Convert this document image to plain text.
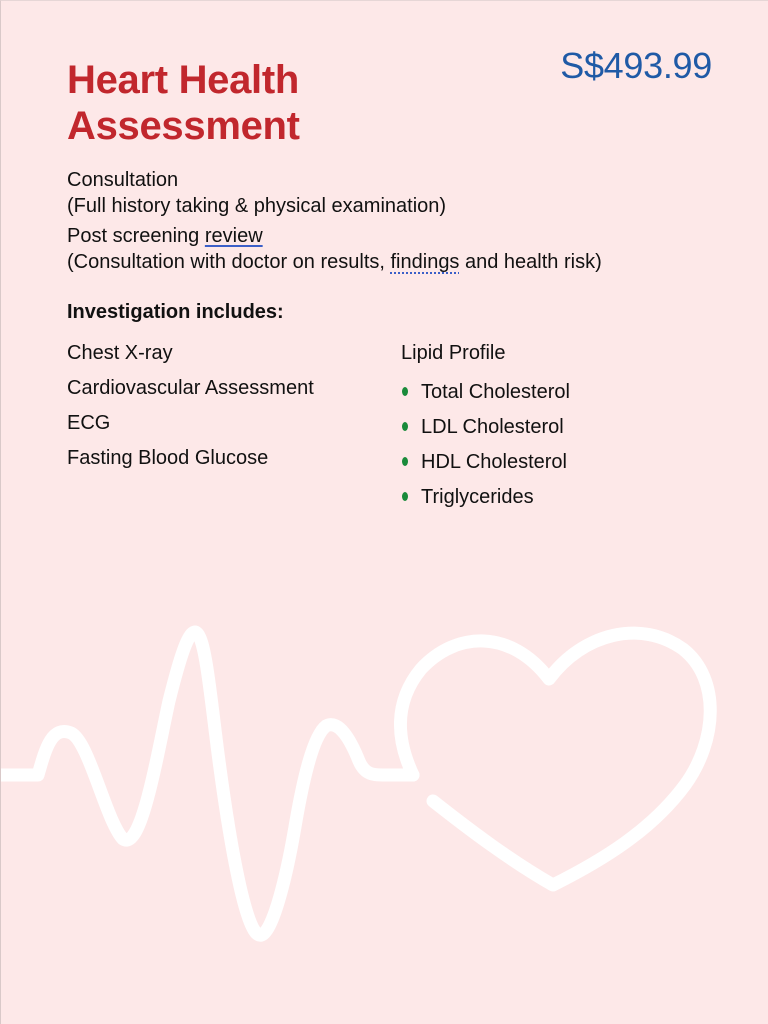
Heart Health
Assessment
S$493.99
Consultation
(Full history taking & physical examination)
Post screening review
(Consultation with doctor on results, findings and health risk)
Investigation includes:
Chest X-ray
Cardiovascular Assessment
ECG
Fasting Blood Glucose
Lipid Profile
Total Cholesterol
LDL Cholesterol
HDL Cholesterol
Triglycerides
